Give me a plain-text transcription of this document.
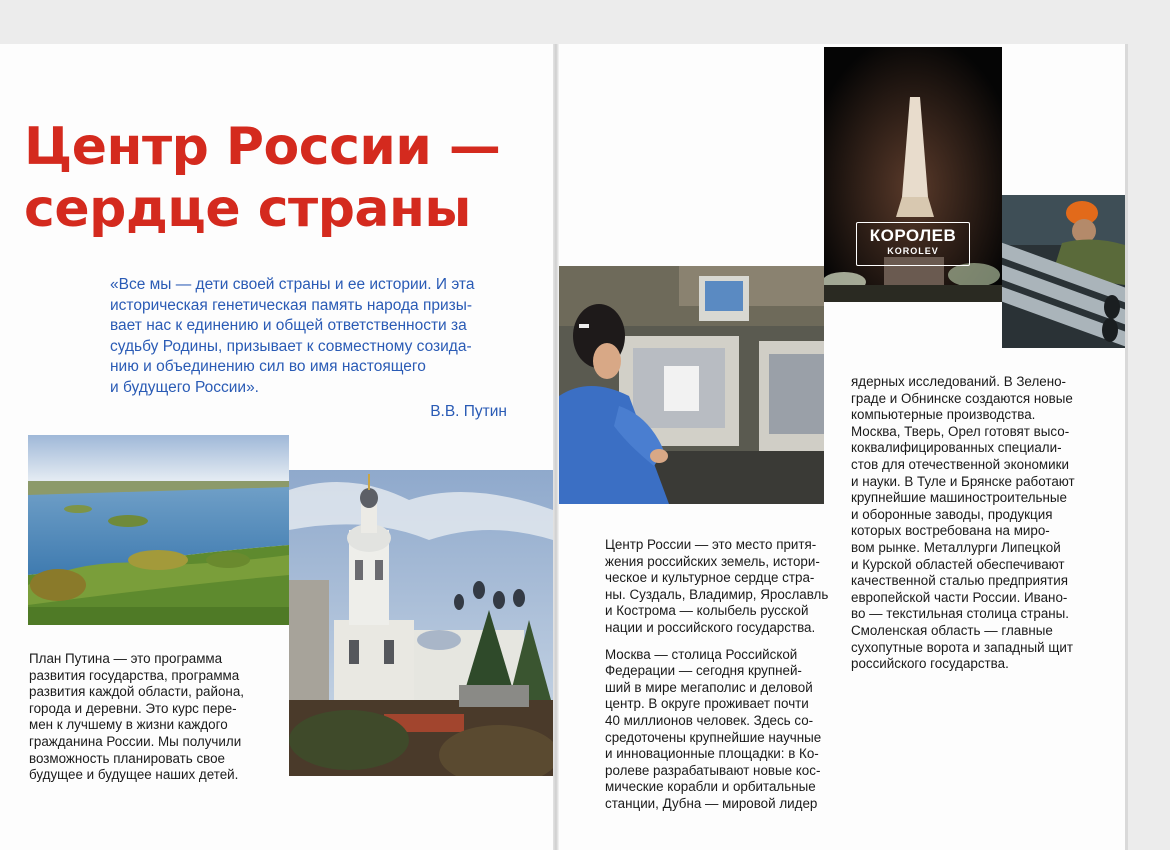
Центр России —
сердце страны
«Все мы — дети своей страны и ее истории. И эта
историческая генетическая память народа призы-
вает нас к единению и общей ответственности за
судьбу Родины, призывает к совместному созида-
нию и объединению сил во имя настоящего
и будущего России».
В.В. Путин
План Путина — это программа
развития государства, программа
развития каждой области, района,
города и деревни. Это курс пере-
мен к лучшему в жизни каждого
гражданина России. Мы получили
возможность планировать свое
будущее и будущее наших детей.
КОРОЛЕВ
KOROLEV
Центр России — это место притя-
жения российских земель, истори-
ческое и культурное сердце стра-
ны. Суздаль, Владимир, Ярославль
и Кострома — колыбель русской
нации и российского государства.
Москва — столица Российской
Федерации — сегодня крупней-
ший в мире мегаполис и деловой
центр. В округе проживает почти
40 миллионов человек. Здесь со-
средоточены крупнейшие научные
и инновационные площадки: в Ко-
ролеве разрабатывают новые кос-
мические корабли и орбитальные
станции, Дубна — мировой лидер
ядерных исследований. В Зелено-
граде и Обнинске создаются новые
компьютерные производства.
Москва, Тверь, Орел готовят высо-
коквалифицированных специали-
стов для отечественной экономики
и науки. В Туле и Брянске работают
крупнейшие машиностроительные
и оборонные заводы, продукция
которых востребована на миро-
вом рынке. Металлурги Липецкой
и Курской областей обеспечивают
качественной сталью предприятия
европейской части России. Ивано-
во — текстильная столица страны.
Смоленская область — главные
сухопутные ворота и западный щит
российского государства.
